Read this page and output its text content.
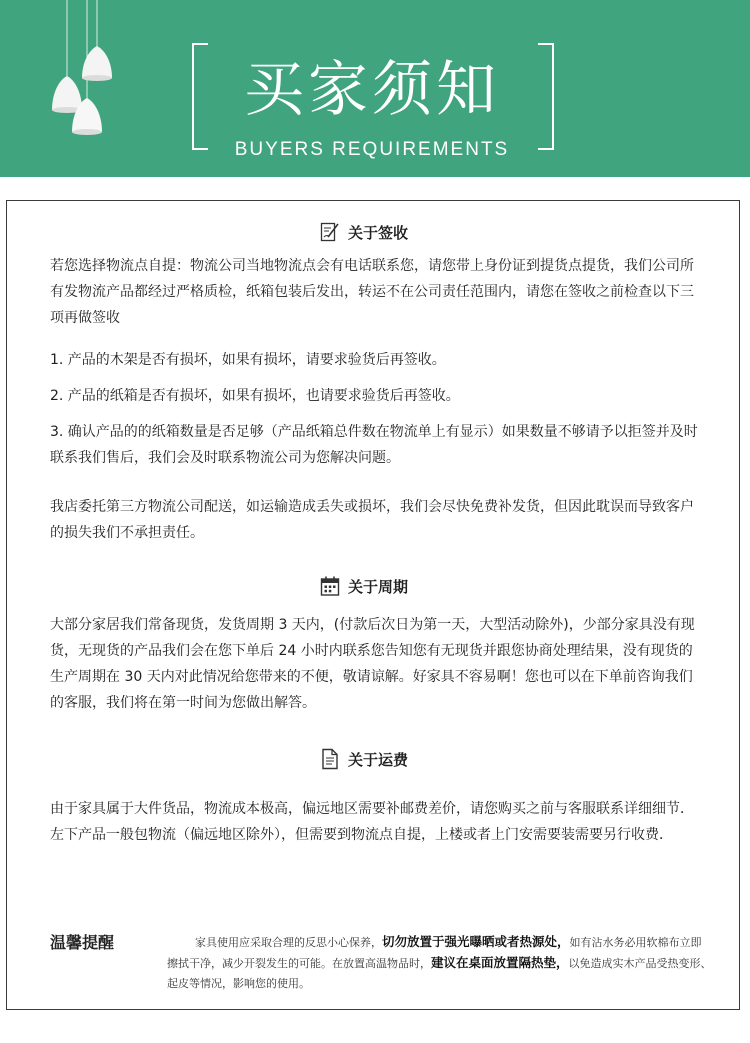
买家须知
BUYERS REQUIREMENTS
关于签收
若您选择物流点自提：物流公司当地物流点会有电话联系您，请您带上身份证到提货点提货，我们公司所有发物流产品都经过严格质检，纸箱包装后发出，转运不在公司责任范围内，请您在签收之前检查以下三项再做签收
1. 产品的木架是否有损坏，如果有损坏，请要求验货后再签收。
2. 产品的纸箱是否有损坏，如果有损坏，也请要求验货后再签收。
3. 确认产品的的纸箱数量是否足够（产品纸箱总件数在物流单上有显示）如果数量不够请予以拒签并及时联系我们售后，我们会及时联系物流公司为您解决问题。
我店委托第三方物流公司配送，如运输造成丢失或损坏，我们会尽快免费补发货，但因此耽误而导致客户的损失我们不承担责任。
关于周期
大部分家居我们常备现货，发货周期 3 天内，(付款后次日为第一天，大型活动除外)，少部分家具没有现货，无现货的产品我们会在您下单后 24 小时内联系您告知您有无现货并跟您协商处理结果，没有现货的生产周期在 30 天内对此情况给您带来的不便，敬请谅解。好家具不容易啊！您也可以在下单前咨询我们的客服，我们将在第一时间为您做出解答。
关于运费
由于家具属于大件货品，物流成本极高，偏远地区需要补邮费差价，请您购买之前与客服联系详细细节．左下产品一般包物流（偏远地区除外），但需要到物流点自提，上楼或者上门安需要装需要另行收费．
温馨提醒	家具使用应采取合理的反思小心保养，切勿放置于强光曝晒或者热源处，如有沾水务必用软棉布立即擦拭干净，减少开裂发生的可能。在放置高温物品时，建议在桌面放置隔热垫，以免造成实木产品受热变形、起皮等情况，影响您的使用。
